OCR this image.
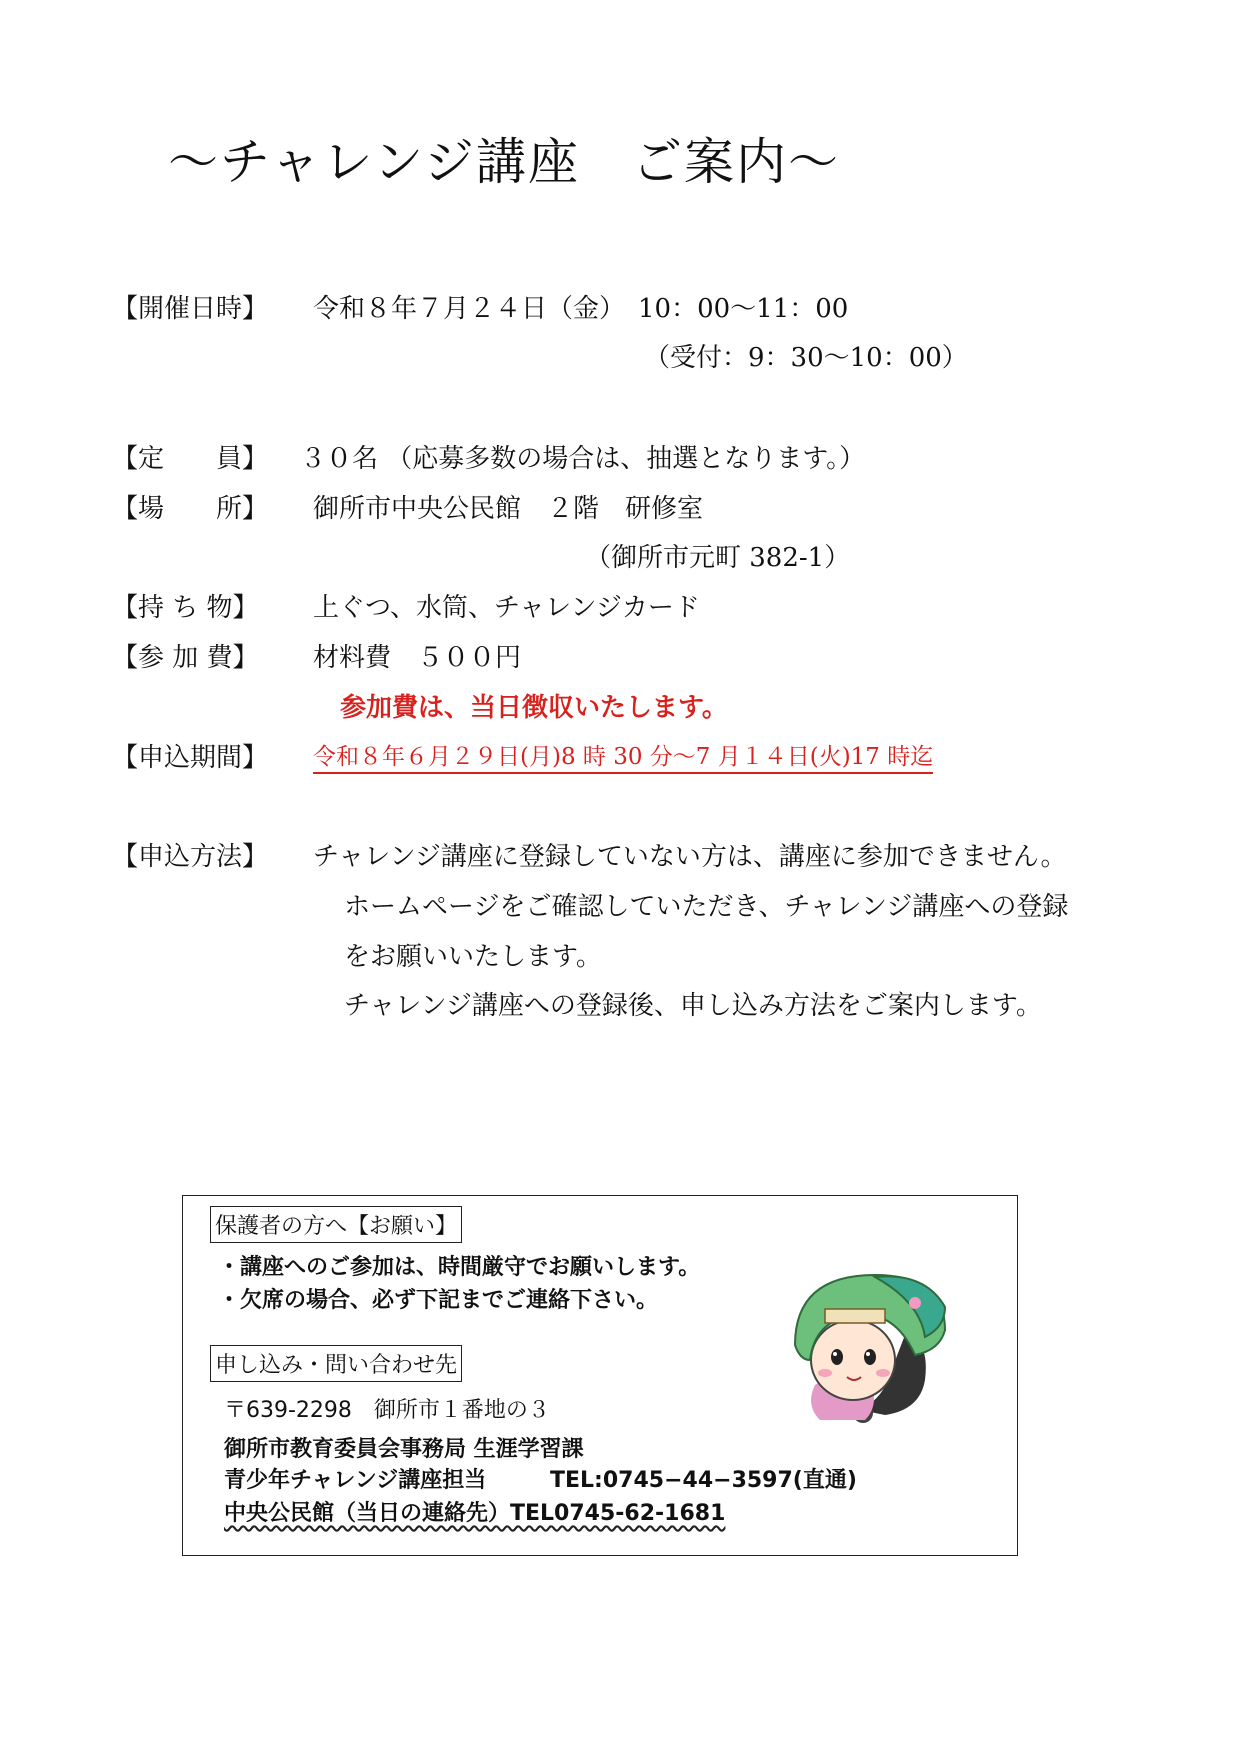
〜チャレンジ講座　ご案内〜
【開催日時】 令和８年７月２４日（金）　10：00〜11：00
（受付：9：30〜10：00）
【定　　員】 ３０名 （応募多数の場合は、抽選となります。）
【場　　所】 御所市中央公民館　２階　研修室
（御所市元町 382-1）
【持 ち 物】 上ぐつ、水筒、チャレンジカード
【参 加 費】 材料費　５００円
参加費は、当日徴収いたします。
【申込期間】 令和８年６月２９日(月)8 時 30 分〜7 月１４日(火)17 時迄
【申込方法】 チャレンジ講座に登録していない方は、講座に参加できません。
ホームページをご確認していただき、チャレンジ講座への登録
をお願いいたします。
チャレンジ講座への登録後、申し込み方法をご案内します。
保護者の方へ【お願い】
・講座へのご参加は、時間厳守でお願いします。
・欠席の場合、必ず下記までご連絡下さい。
申し込み・問い合わせ先
〒639-2298　御所市１番地の３
御所市教育委員会事務局 生涯学習課
青少年チャレンジ講座担当	TEL:0745−44−3597(直通)
中央公民館（当日の連絡先）TEL0745-62-1681
